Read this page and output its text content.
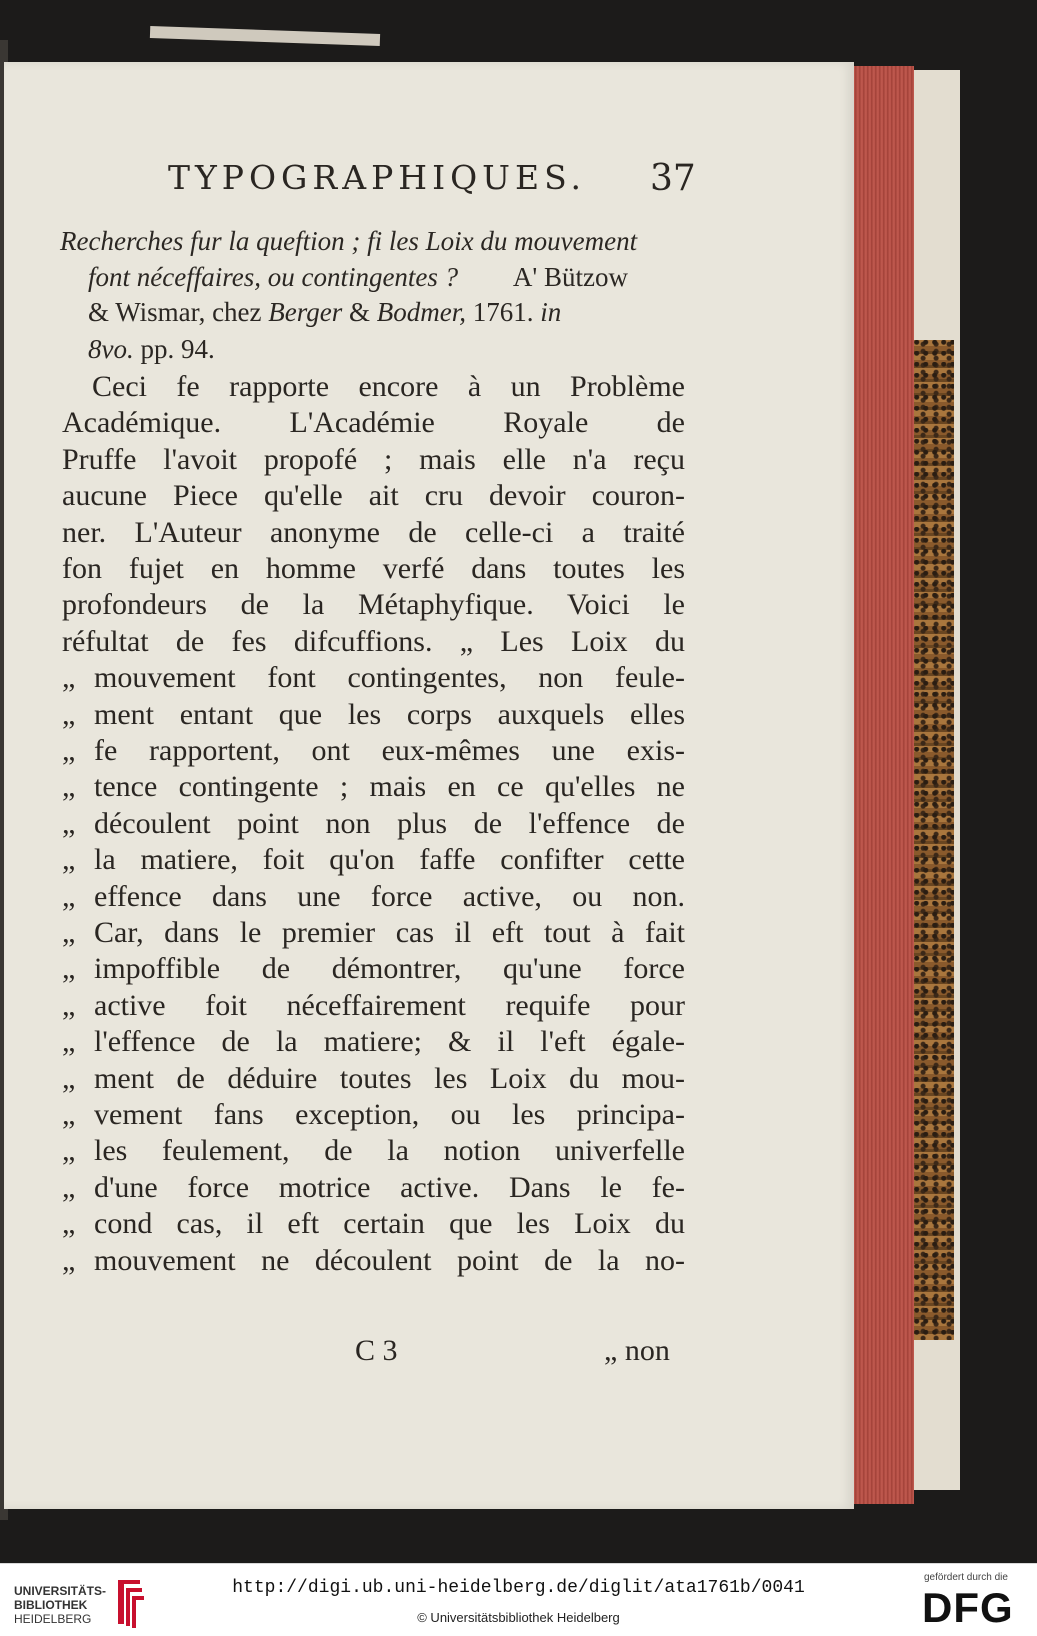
TYPOGRAPHIQUES. 37
Recherches fur la queftion ; fi les Loix du mouvement
font néceffaires, ou contingentes ? A' Bützow
& Wismar, chez Berger & Bodmer, 1761. in
8vo. pp. 94.
Ceci fe rapporte encore à un Problème
Académique. L'Académie Royale de
Pruffe l'avoit propofé ; mais elle n'a reçu
aucune Piece qu'elle ait cru devoir couron-
ner. L'Auteur anonyme de celle-ci a traité
fon fujet en homme verfé dans toutes les
profondeurs de la Métaphyfique. Voici le
réfultat de fes difcuffions. „ Les Loix du
„ mouvement font contingentes, non feule-
„ ment entant que les corps auxquels elles
„ fe rapportent, ont eux-mêmes une exis-
„ tence contingente ; mais en ce qu'elles ne
„ découlent point non plus de l'effence de
„ la matiere, foit qu'on faffe confifter cette
„ effence dans une force active, ou non.
„ Car, dans le premier cas il eft tout à fait
„ impoffible de démontrer, qu'une force
„ active foit néceffairement requife pour
„ l'effence de la matiere; & il l'eft égale-
„ ment de déduire toutes les Loix du mou-
„ vement fans exception, ou les principa-
„ les feulement, de la notion univerfelle
„ d'une force motrice active. Dans le fe-
„ cond cas, il eft certain que les Loix du
„ mouvement ne découlent point de la no-
C 3	„ non
UNIVERSITÄTS-
BIBLIOTHEK
HEIDELBERG
http://digi.ub.uni-heidelberg.de/diglit/ata1761b/0041
© Universitätsbibliothek Heidelberg
gefördert durch die
DFG
